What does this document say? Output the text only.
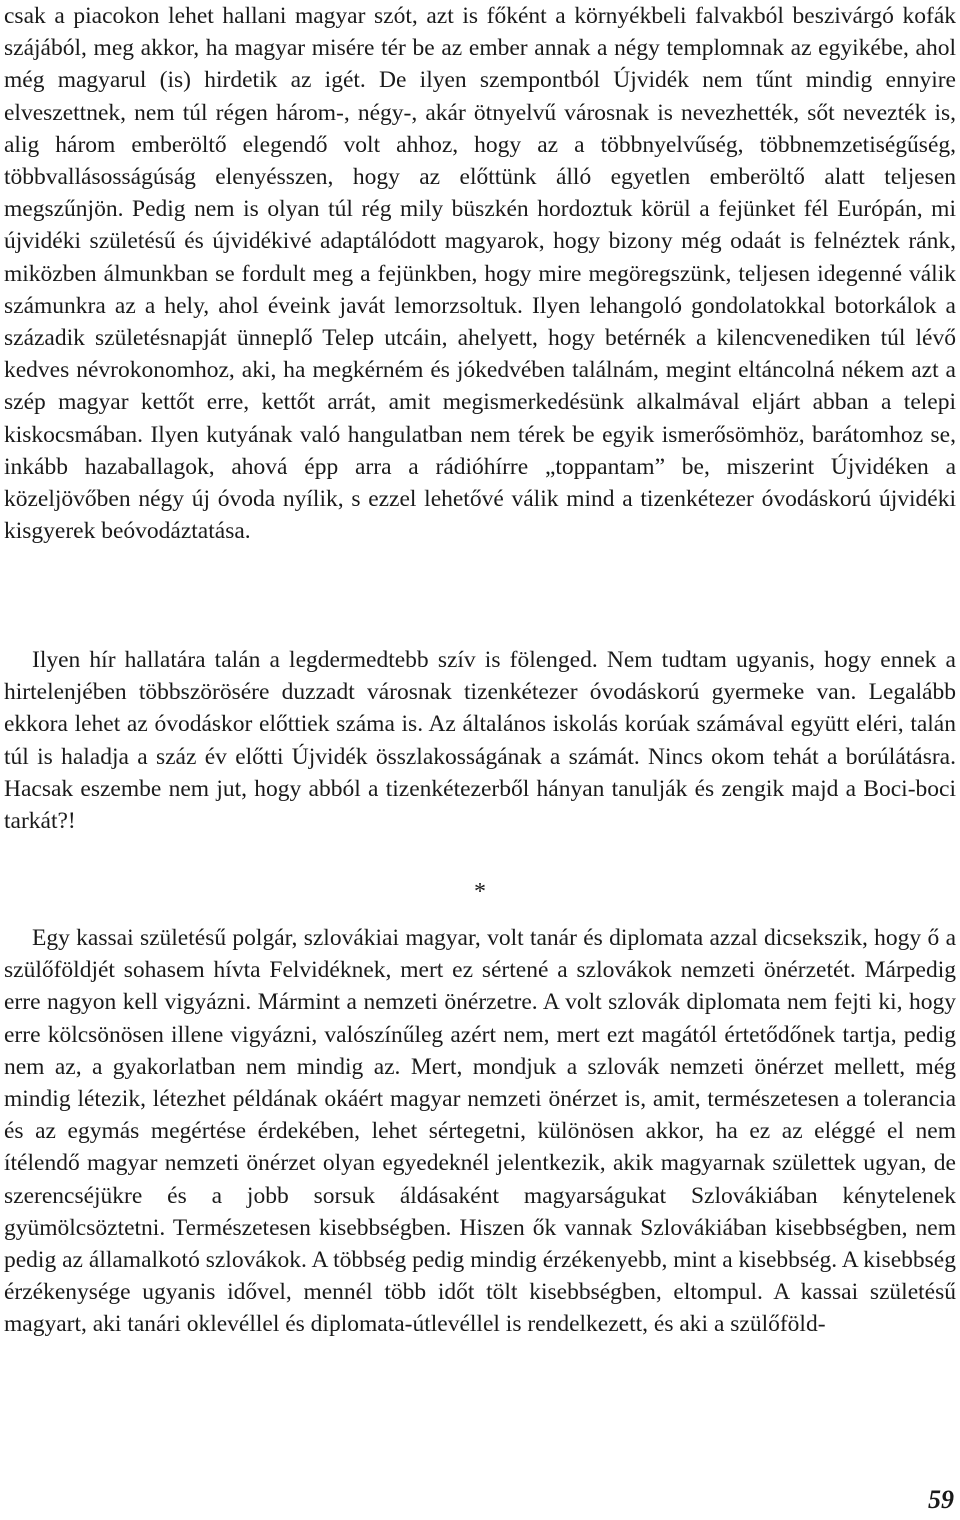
csak a piacokon lehet hallani magyar szót, azt is főként a környékbeli falvakból beszivárgó kofák szájából, meg akkor, ha magyar misére tér be az ember annak a négy templomnak az egyikébe, ahol még magyarul (is) hirdetik az igét. De ilyen szempontból Újvidék nem tűnt mindig ennyire elveszettnek, nem túl régen három-, négy-, akár ötnyelvű városnak is nevezhették, sőt nevezték is, alig három emberöltő elegendő volt ahhoz, hogy az a többnyelvűség, többnemzetiségűség, többvallásosságúság elenyésszen, hogy az előttünk álló egyetlen emberöltő alatt teljesen megszűnjön. Pedig nem is olyan túl rég mily büszkén hordoztuk körül a fejünket fél Európán, mi újvidéki születésű és újvidékivé adaptálódott magyarok, hogy bizony még odaát is felnéztek ránk, miközben álmunkban se fordult meg a fejünkben, hogy mire megöregszünk, teljesen idegenné válik számunkra az a hely, ahol éveink javát lemorzsoltuk. Ilyen lehangoló gondolatokkal botorkálok a századik születésnapját ünneplő Telep utcáin, ahelyett, hogy betérnék a kilencvenediken túl lévő kedves névrokonomhoz, aki, ha megkérném és jókedvében találnám, megint eltáncolná nékem azt a szép magyar kettőt erre, kettőt arrát, amit megismerkedésünk alkalmával eljárt abban a telepi kiskocsmában. Ilyen kutyának való hangulatban nem térek be egyik ismerősömhöz, barátomhoz se, inkább hazaballagok, ahová épp arra a rádióhírre „toppantam” be, miszerint Újvidéken a közeljövőben négy új óvoda nyílik, s ezzel lehetővé válik mind a tizenkétezer óvodáskorú újvidéki kisgyerek beóvodáztatása.

Ilyen hír hallatára talán a legdermedtebb szív is fölenged. Nem tudtam ugyanis, hogy ennek a hirtelenjében többszörösére duzzadt városnak tizenkétezer óvodáskorú gyermeke van. Legalább ekkora lehet az óvodáskor előttiek száma is. Az általános iskolás korúak számával együtt eléri, talán túl is haladja a száz év előtti Újvidék összlakosságának a számát. Nincs okom tehát a borúlátásra. Hacsak eszembe nem jut, hogy abból a tizenkétezerből hányan tanulják és zengik majd a Boci-boci tarkát?!

*

Egy kassai születésű polgár, szlovákiai magyar, volt tanár és diplomata azzal dicsekszik, hogy ő a szülőföldjét sohasem hívta Felvidéknek, mert ez sértené a szlovákok nemzeti önérzetét. Márpedig erre nagyon kell vigyázni. Mármint a nemzeti önérzetre. A volt szlovák diplomata nem fejti ki, hogy erre kölcsönösen illene vigyázni, valószínűleg azért nem, mert ezt magától értetődőnek tartja, pedig nem az, a gyakorlatban nem mindig az. Mert, mondjuk a szlovák nemzeti önérzet mellett, még mindig létezik, létezhet példának okáért magyar nemzeti önérzet is, amit, természetesen a tolerancia és az egymás megértése érdekében, lehet sértegetni, különösen akkor, ha ez az eléggé el nem ítélendő magyar nemzeti önérzet olyan egyedeknél jelentkezik, akik magyarnak születtek ugyan, de szerencséjükre és a jobb sorsuk áldásaként magyarságukat Szlovákiában kénytelenek gyümölcsöztetni. Természetesen kisebbségben. Hiszen ők vannak Szlovákiában kisebbségben, nem pedig az államalkotó szlovákok. A többség pedig mindig érzékenyebb, mint a kisebbség. A kisebbség érzékenysége ugyanis idővel, mennél több időt tölt kisebbségben, eltompul. A kassai születésű magyart, aki tanári oklevéllel és diplomata-útlevéllel is rendelkezett, és aki a szülőföld-

59
